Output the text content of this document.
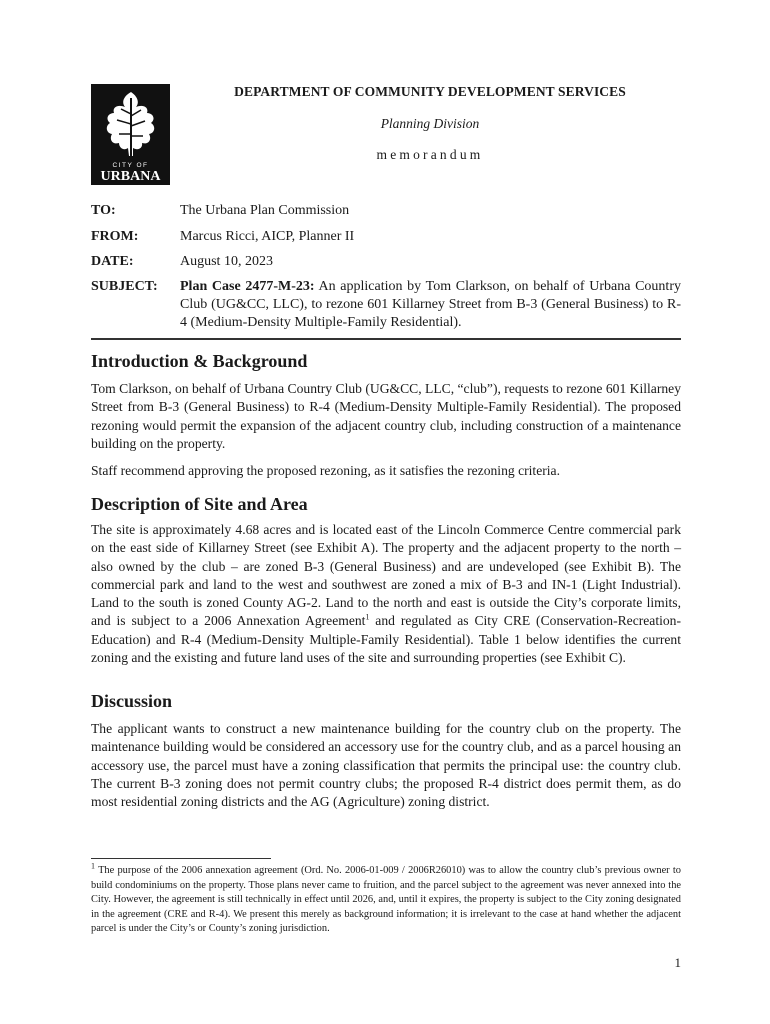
CITY OF
URBANA
DEPARTMENT OF COMMUNITY DEVELOPMENT SERVICES
Planning Division
memorandum
TO:	The Urbana Plan Commission
FROM:	Marcus Ricci, AICP, Planner II
DATE:	August 10, 2023
SUBJECT: Plan Case 2477-M-23: An application by Tom Clarkson, on behalf of Urbana Country Club (UG&CC, LLC), to rezone 601 Killarney Street from B-3 (General Business) to R-4 (Medium-Density Multiple-Family Residential).
Introduction & Background

Tom Clarkson, on behalf of Urbana Country Club (UG&CC, LLC, “club”), requests to rezone 601 Killarney Street from B-3 (General Business) to R-4 (Medium-Density Multiple-Family Residential). The proposed rezoning would permit the expansion of the adjacent country club, including construction of a maintenance building on the property.

Staff recommend approving the proposed rezoning, as it satisfies the rezoning criteria.

Description of Site and Area

The site is approximately 4.68 acres and is located east of the Lincoln Commerce Centre commercial park on the east side of Killarney Street (see Exhibit A). The property and the adjacent property to the north – also owned by the club – are zoned B-3 (General Business) and are undeveloped (see Exhibit B). The commercial park and land to the west and southwest are zoned a mix of B-3 and IN-1 (Light Industrial). Land to the south is zoned County AG-2. Land to the north and east is outside the City’s corporate limits, and is subject to a 2006 Annexation Agreement$^1$ and regulated as City CRE (Conservation-Recreation-Education) and R-4 (Medium-Density Multiple-Family Residential). Table 1 below identifies the current zoning and the existing and future land uses of the site and surrounding properties (see Exhibit C).

Discussion

The applicant wants to construct a new maintenance building for the country club on the property. The maintenance building would be considered an accessory use for the country club, and as a parcel housing an accessory use, the parcel must have a zoning classification that permits the principal use: the country club. The current B-3 zoning does not permit country clubs; the proposed R-4 district does permit them, as do most residential zoning districts and the AG (Agriculture) zoning district.

$^1$ The purpose of the 2006 annexation agreement (Ord. No. 2006-01-009 / 2006R26010) was to allow the country club’s previous owner to build condominiums on the property. Those plans never came to fruition, and the parcel subject to the agreement was never annexed into the City. However, the agreement is still technically in effect until 2026, and, until it expires, the property is subject to the City zoning designated in the agreement (CRE and R-4). We present this merely as background information; it is irrelevant to the case at hand whether the adjacent parcel is under the City’s or County’s zoning jurisdiction.

1
